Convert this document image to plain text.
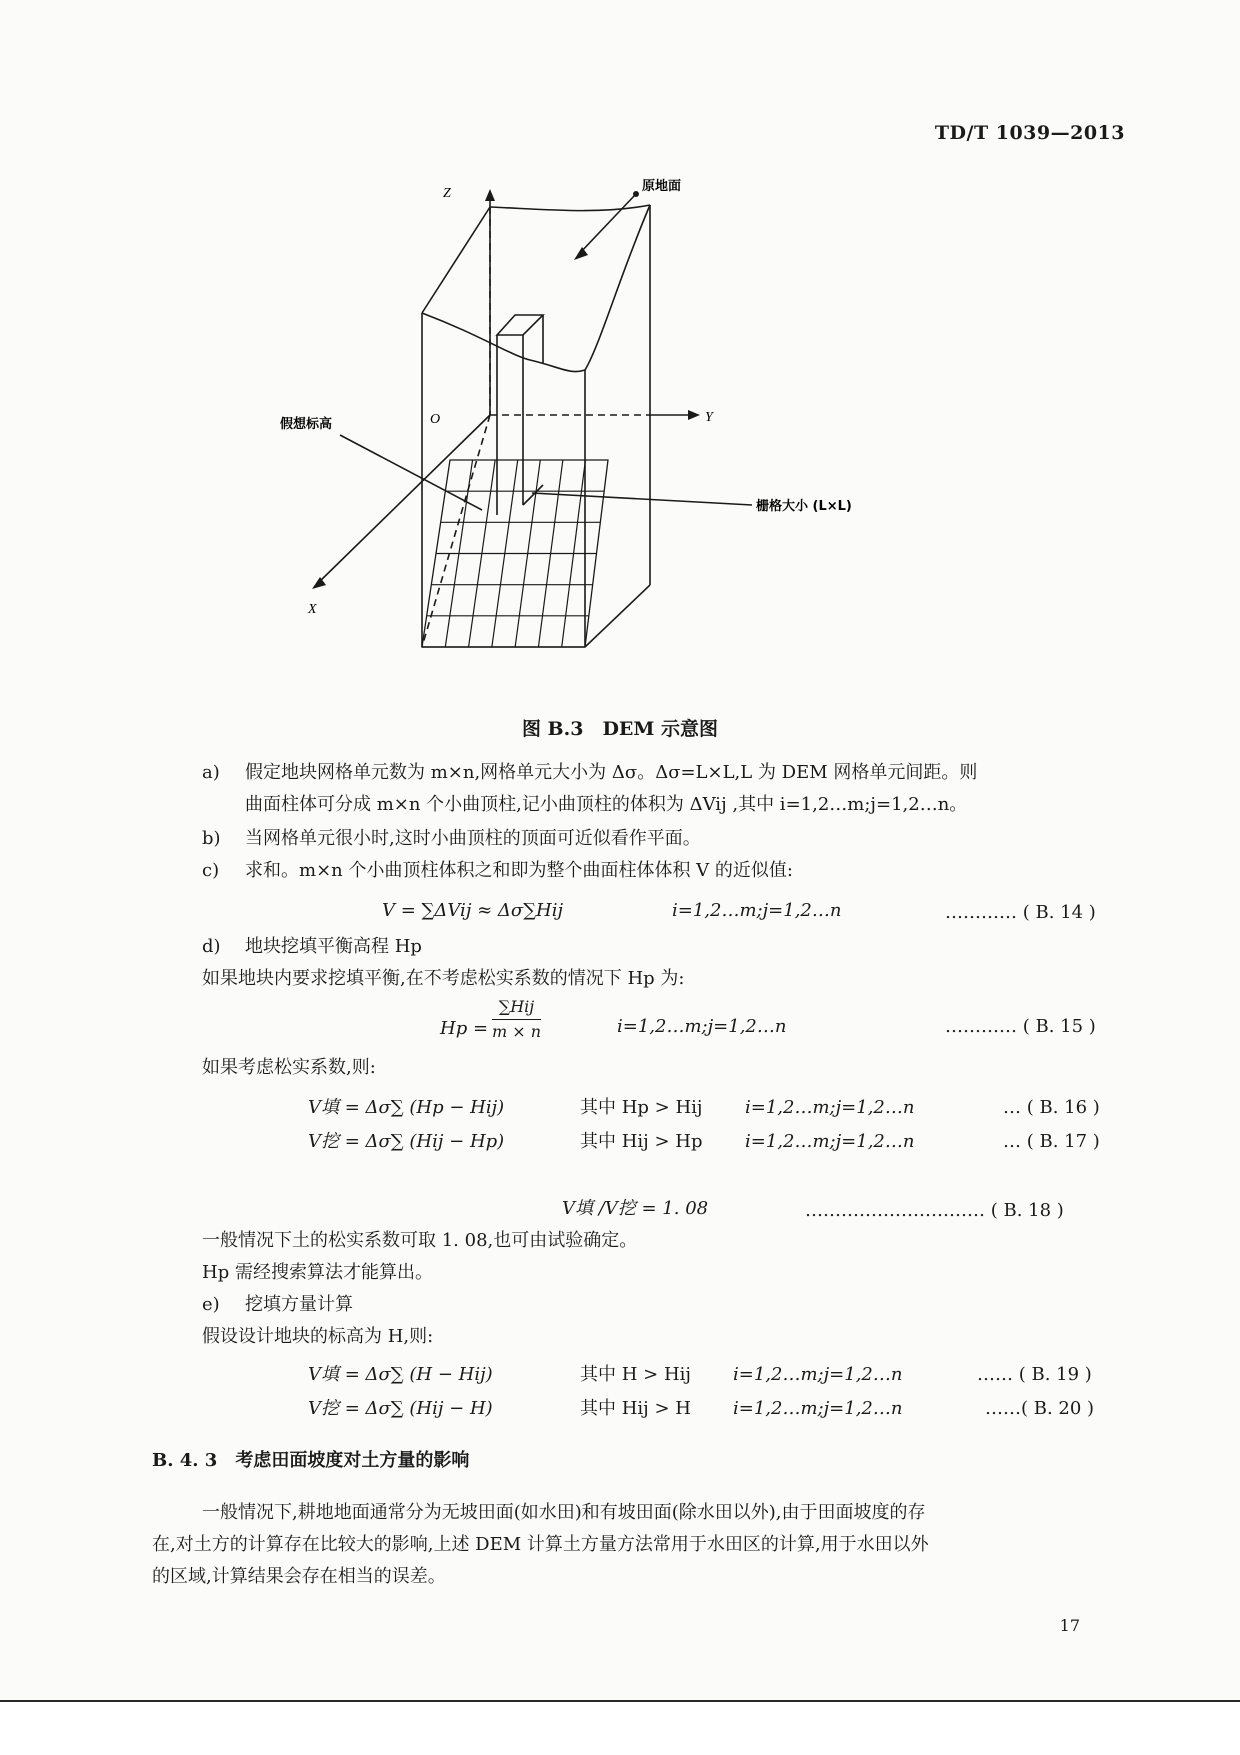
TD/T 1039—2013
Z
Y
X
O
原地面
假想标高
栅格大小 (L×L)
图 B.3　DEM 示意图
a) 假定地块网格单元数为 m×n,网格单元大小为 Δσ。Δσ=L×L,L 为 DEM 网格单元间距。则
曲面柱体可分成 m×n 个小曲顶柱,记小曲顶柱的体积为 ΔVij ,其中 i=1,2…m;j=1,2…n。
b) 当网格单元很小时,这时小曲顶柱的顶面可近似看作平面。
c) 求和。m×n 个小曲顶柱体积之和即为整个曲面柱体体积 V 的近似值:
V = ∑ΔVij ≈ Δσ∑Hij	i=1,2…m;j=1,2…n	………… ( B. 14 )
d) 地块挖填平衡高程 Hp
如果地块内要求挖填平衡,在不考虑松实系数的情况下 Hp 为:
Hp =
∑Hij
m × n	i=1,2…m;j=1,2…n	………… ( B. 15 )
如果考虑松实系数,则:
V填 = Δσ∑ (Hp − Hij)	其中 Hp > Hij i=1,2…m;j=1,2…n	… ( B. 16 )
V挖 = Δσ∑ (Hij − Hp)	其中 Hij > Hp i=1,2…m;j=1,2…n	… ( B. 17 )
V填 /V挖 = 1. 08	………………………… ( B. 18 )
一般情况下土的松实系数可取 1. 08,也可由试验确定。
Hp 需经搜索算法才能算出。
e) 挖填方量计算
假设设计地块的标高为 H,则:
V填 = Δσ∑ (H − Hij)	其中 H > Hij i=1,2…m;j=1,2…n	…… ( B. 19 )
V挖 = Δσ∑ (Hij − H)	其中 Hij > H i=1,2…m;j=1,2…n	……( B. 20 )
B. 4. 3　考虑田面坡度对土方量的影响
一般情况下,耕地地面通常分为无坡田面(如水田)和有坡田面(除水田以外),由于田面坡度的存
在,对土方的计算存在比较大的影响,上述 DEM 计算土方量方法常用于水田区的计算,用于水田以外
的区域,计算结果会存在相当的误差。
17
